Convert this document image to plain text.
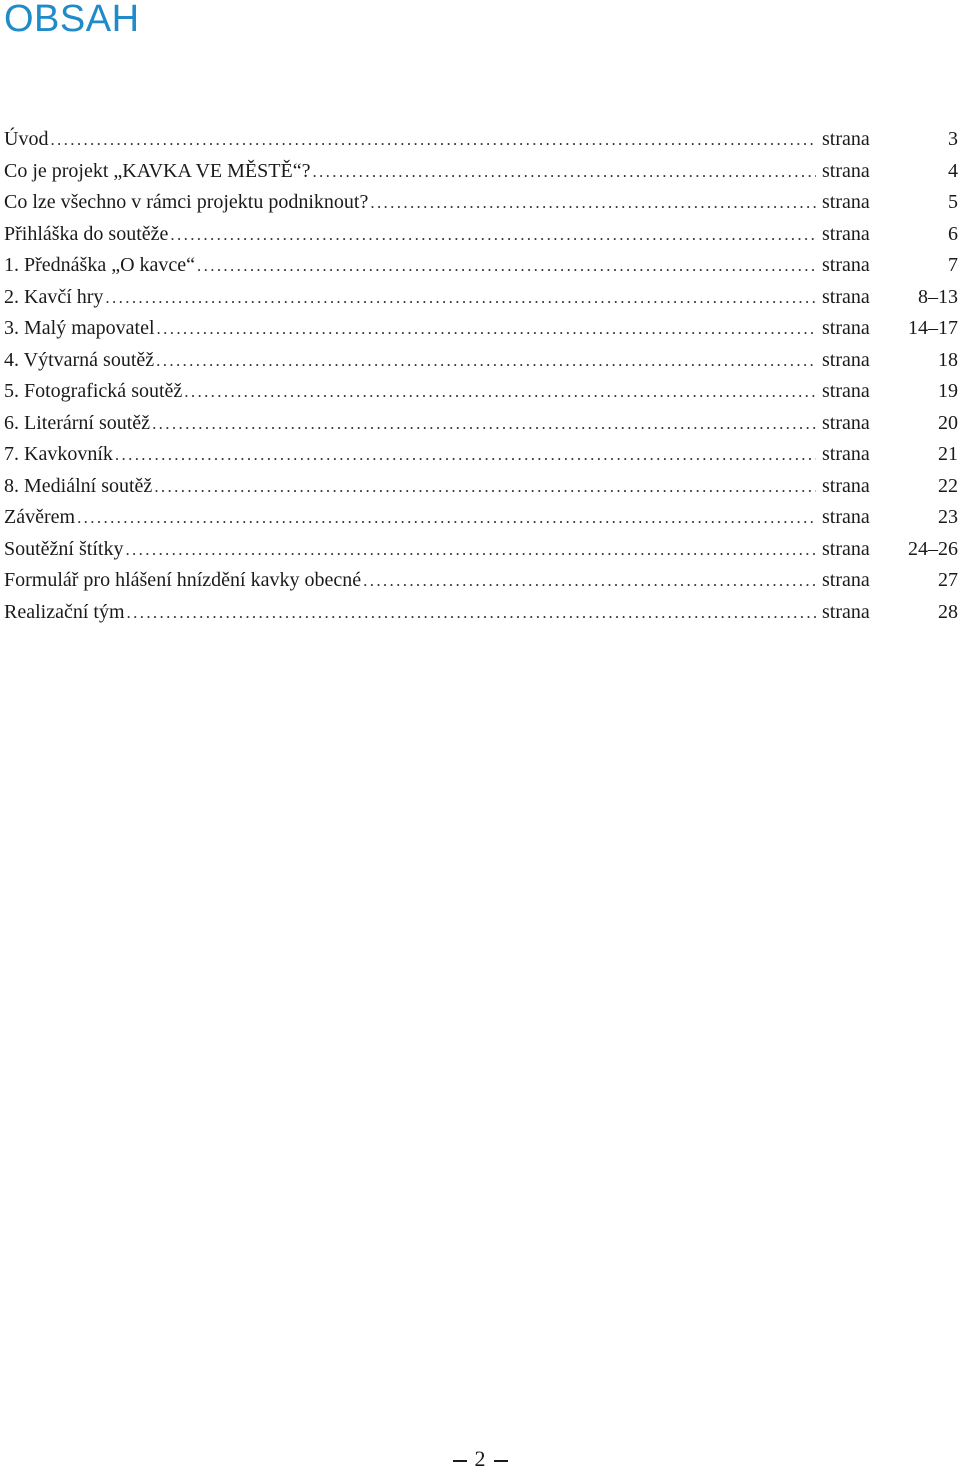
OBSAH
Úvod . . .	strana	3
Co je projekt „KAVKA VE MĚSTĚ“? . . .	strana	4
Co lze všechno v rámci projektu podniknout? . . .	strana	5
Přihláška do soutěže . . .	strana	6
1. Přednáška „O kavce“ . . .	strana	7
2. Kavčí hry . . .	strana	8–13
3. Malý mapovatel . . .	strana	14–17
4. Výtvarná soutěž . . .	strana	18
5. Fotografická soutěž . . .	strana	19
6. Literární soutěž . . .	strana	20
7. Kavkovník . . .	strana	21
8. Mediální soutěž . . .	strana	22
Závěrem . . .	strana	23
Soutěžní štítky . . .	strana	24–26
Formulář pro hlášení hnízdění kavky obecné . . .	strana	27
Realizační tým . . .	strana	28
2
